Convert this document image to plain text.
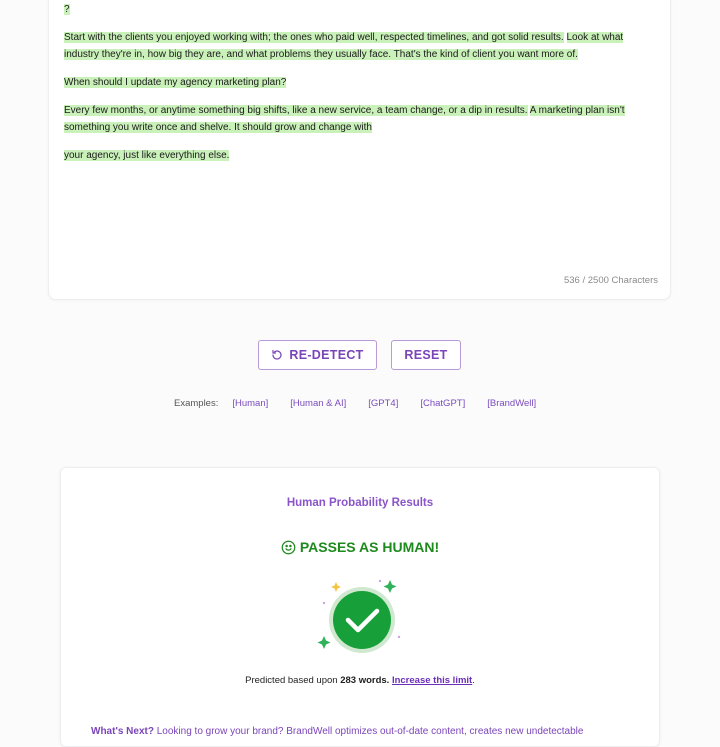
?

Start with the clients you enjoyed working with; the ones who paid well, respected timelines, and got solid results. Look at what industry they're in, how big they are, and what problems they usually face. That's the kind of client you want more of.

When should I update my agency marketing plan?

Every few months, or anytime something big shifts, like a new service, a team change, or a dip in results. A marketing plan isn't something you write once and shelve. It should grow and change with

your agency, just like everything else.

536 / 2500 Characters
RE-DETECT	RESET
Examples: [Human] [Human & AI] [GPT4] [ChatGPT] [BrandWell]
Human Probability Results
PASSES AS HUMAN!
Predicted based upon 283 words. Increase this limit.
What's Next? Looking to grow your brand? BrandWell optimizes out-of-date content, creates new undetectable
